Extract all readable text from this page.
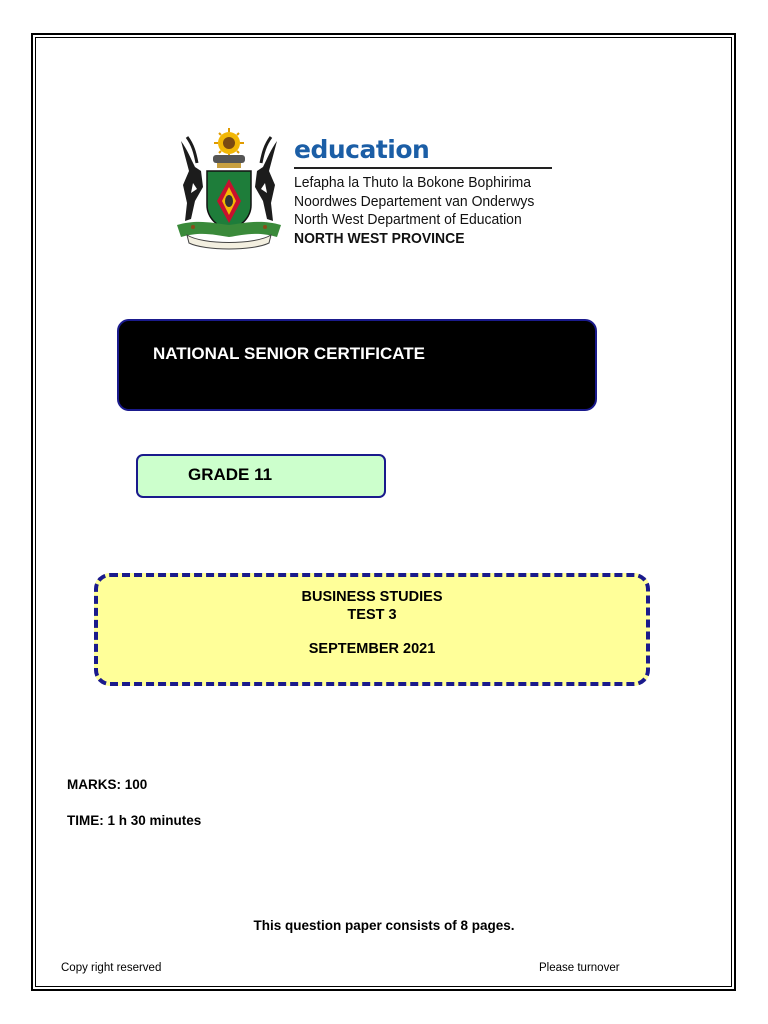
education
Lefapha la Thuto la Bokone Bophirima
Noordwes Departement van Onderwys
North West Department of Education
NORTH WEST PROVINCE
NATIONAL SENIOR CERTIFICATE
GRADE 11
BUSINESS STUDIES
TEST 3
SEPTEMBER 2021
MARKS: 100
TIME: 1 h 30 minutes
This question paper consists of 8 pages.
Copy right reserved	Please turnover
